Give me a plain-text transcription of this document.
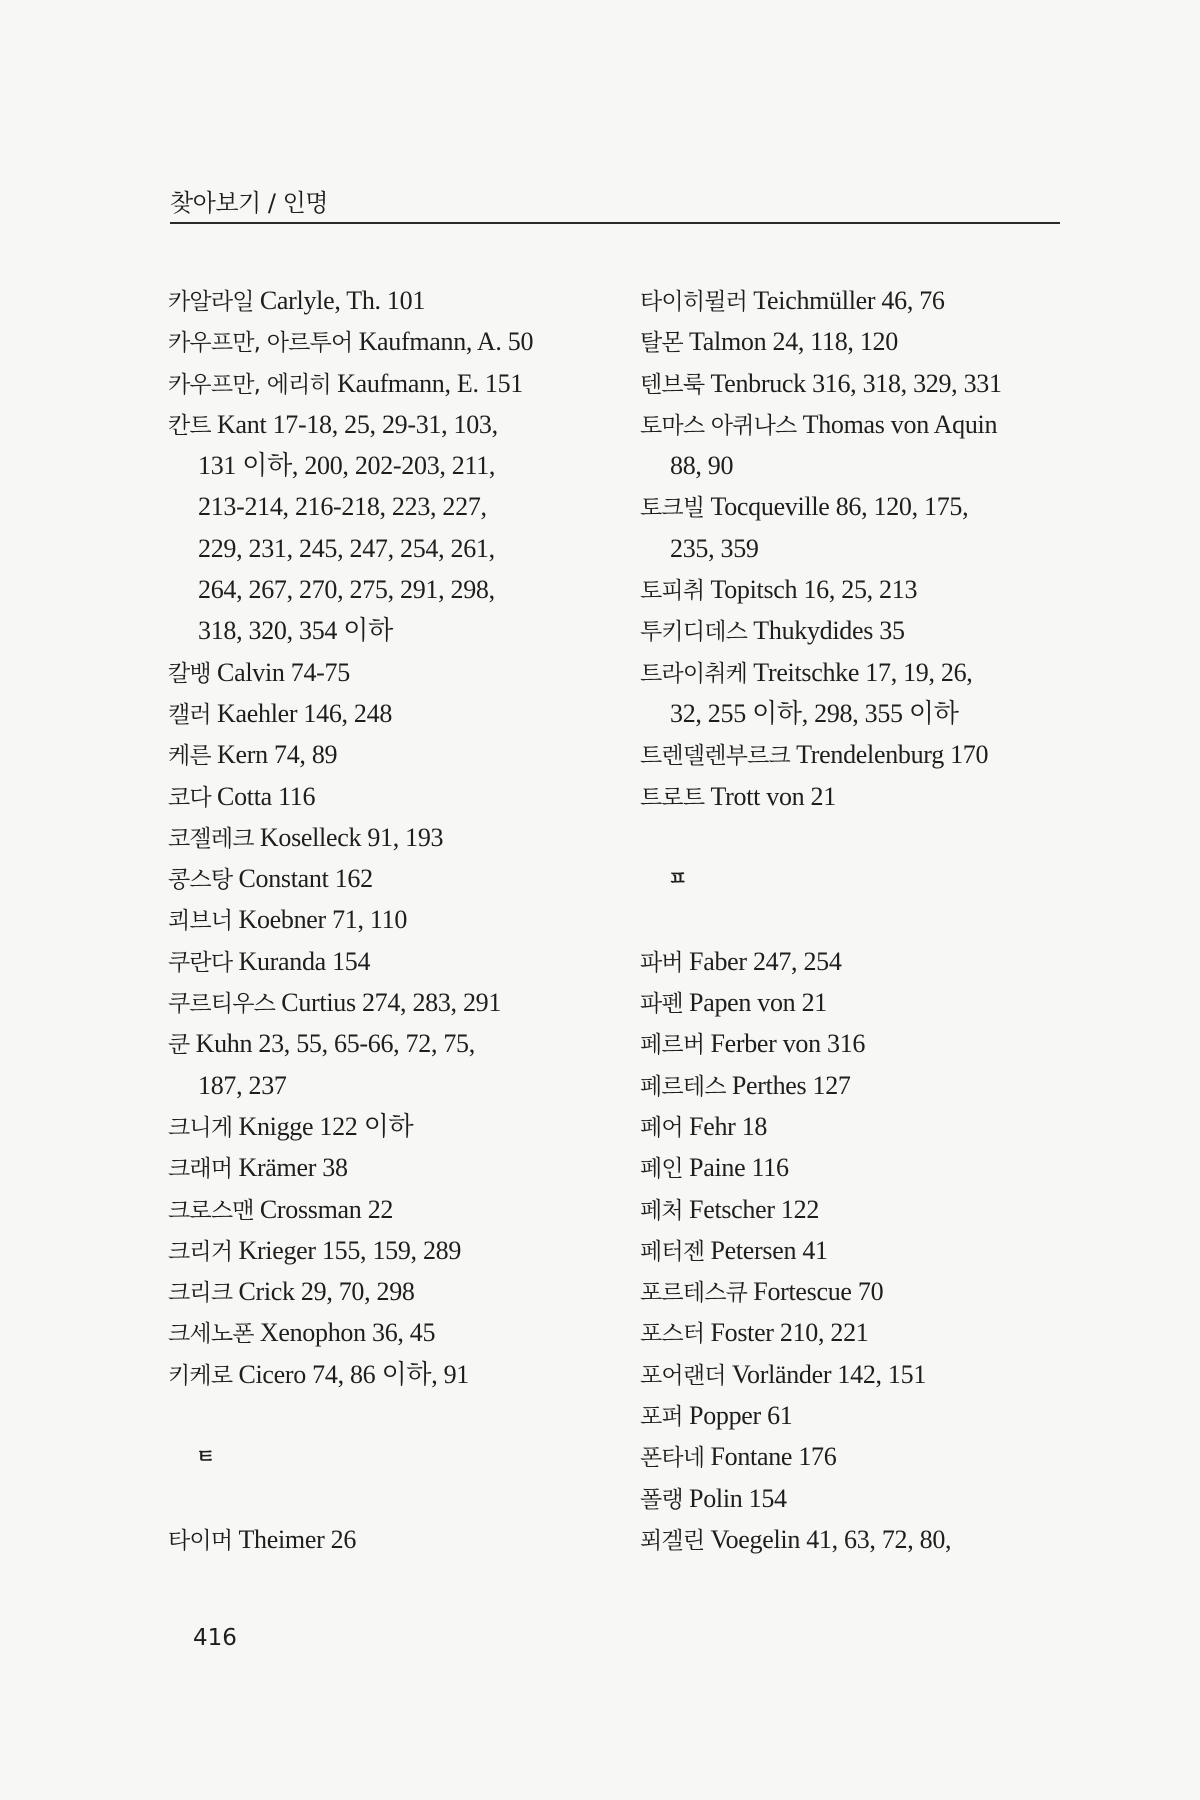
찾아보기 / 인명
카알라일 Carlyle, Th. 101
카우프만, 아르투어 Kaufmann, A. 50
카우프만, 에리히 Kaufmann, E. 151
칸트 Kant 17-18, 25, 29-31, 103,
131 이하, 200, 202-203, 211,
213-214, 216-218, 223, 227,
229, 231, 245, 247, 254, 261,
264, 267, 270, 275, 291, 298,
318, 320, 354 이하
칼뱅 Calvin 74-75
캘러 Kaehler 146, 248
케른 Kern 74, 89
코다 Cotta 116
코젤레크 Koselleck 91, 193
콩스탕 Constant 162
쾨브너 Koebner 71, 110
쿠란다 Kuranda 154
쿠르티우스 Curtius 274, 283, 291
쿤 Kuhn 23, 55, 65-66, 72, 75,
187, 237
크니게 Knigge 122 이하
크래머 Krämer 38
크로스맨 Crossman 22
크리거 Krieger 155, 159, 289
크리크 Crick 29, 70, 298
크세노폰 Xenophon 36, 45
키케로 Cicero 74, 86 이하, 91
ㅌ
타이머 Theimer 26
타이히뮐러 Teichmüller 46, 76
탈몬 Talmon 24, 118, 120
텐브룩 Tenbruck 316, 318, 329, 331
토마스 아퀴나스 Thomas von Aquin
88, 90
토크빌 Tocqueville 86, 120, 175,
235, 359
토피취 Topitsch 16, 25, 213
투키디데스 Thukydides 35
트라이취케 Treitschke 17, 19, 26,
32, 255 이하, 298, 355 이하
트렌델렌부르크 Trendelenburg 170
트로트 Trott von 21
ㅍ
파버 Faber 247, 254
파펜 Papen von 21
페르버 Ferber von 316
페르테스 Perthes 127
페어 Fehr 18
페인 Paine 116
페처 Fetscher 122
페터젠 Petersen 41
포르테스큐 Fortescue 70
포스터 Foster 210, 221
포어랜더 Vorländer 142, 151
포퍼 Popper 61
폰타네 Fontane 176
폴랭 Polin 154
푀겔린 Voegelin 41, 63, 72, 80,
416
